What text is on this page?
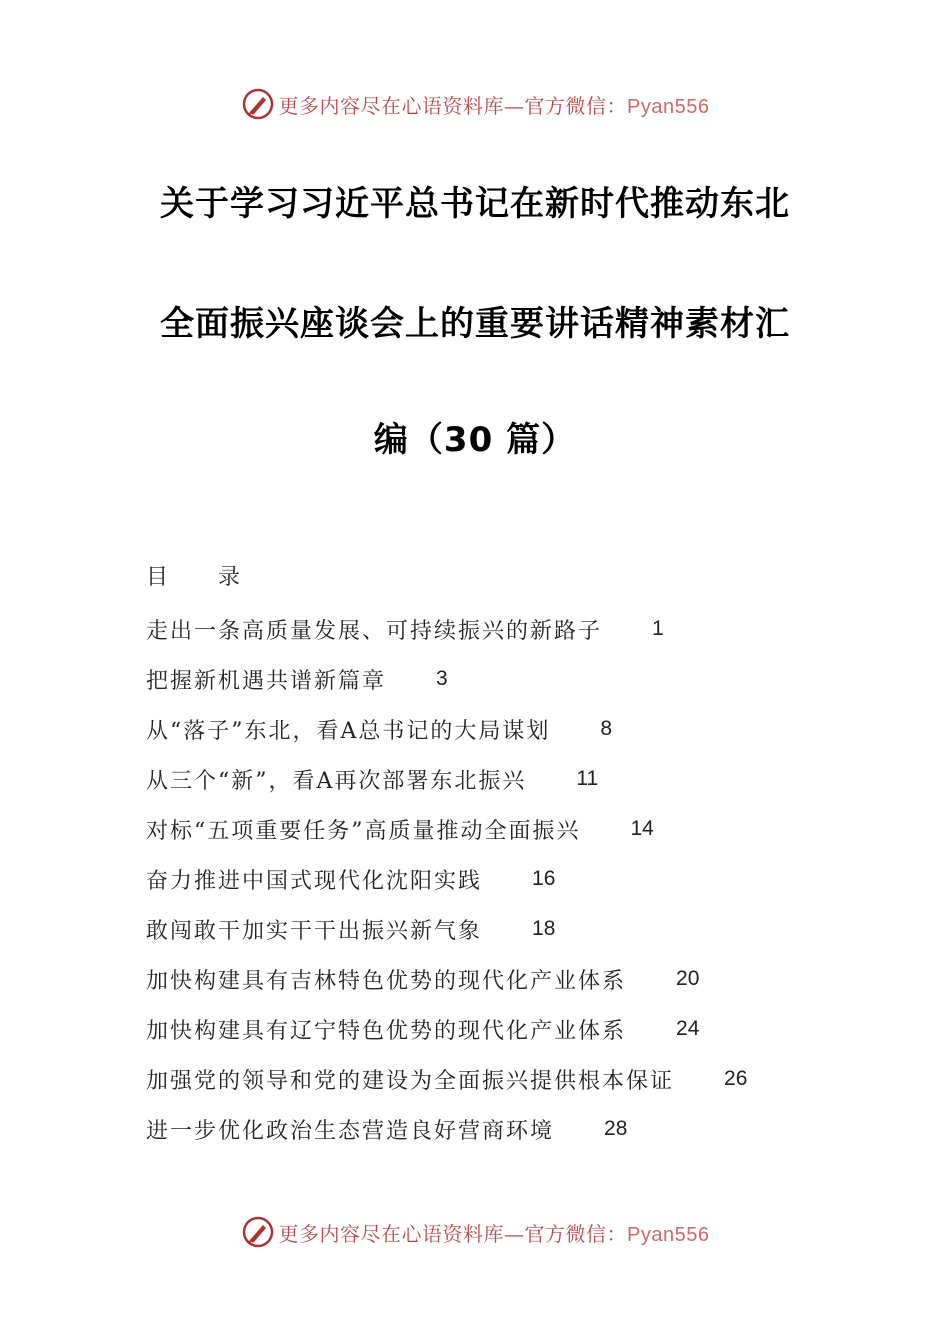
更多内容尽在心语资料库—官方微信：Pyan556
关于学习习近平总书记在新时代推动东北
全面振兴座谈会上的重要讲话精神素材汇
编（30 篇）
目 录
走出一条高质量发展、可持续振兴的新路子 1
把握新机遇共谱新篇章 3
从“落子”东北，看A总书记的大局谋划 8
从三个“新”，看A再次部署东北振兴 11
对标“五项重要任务”高质量推动全面振兴 14
奋力推进中国式现代化沈阳实践 16
敢闯敢干加实干干出振兴新气象 18
加快构建具有吉林特色优势的现代化产业体系 20
加快构建具有辽宁特色优势的现代化产业体系 24
加强党的领导和党的建设为全面振兴提供根本保证 26
进一步优化政治生态营造良好营商环境 28
更多内容尽在心语资料库—官方微信：Pyan556
